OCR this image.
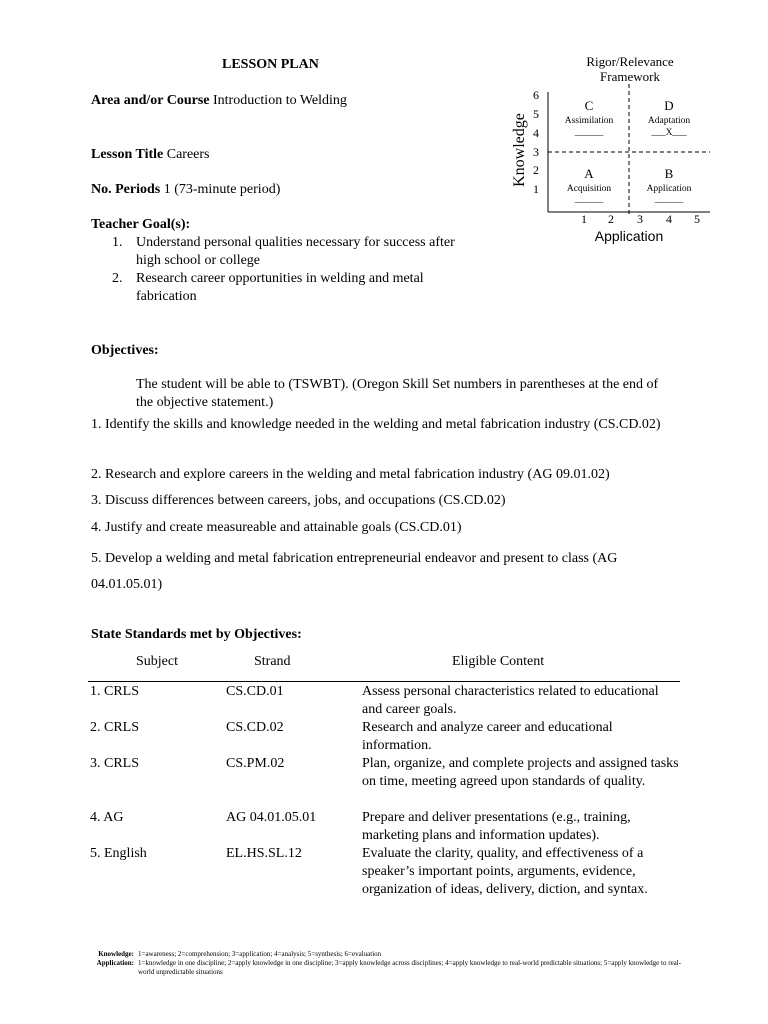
LESSON PLAN
Area and/or Course Introduction to Welding
Lesson Title Careers
No. Periods 1 (73-minute period)
Teacher Goal(s):
1. Understand personal qualities necessary for success after high school or college
2. Research career opportunities in welding and metal fabrication
Objectives:
The student will be able to (TSWBT). (Oregon Skill Set numbers in parentheses at the end of the objective statement.)
1. Identify the skills and knowledge needed in the welding and metal fabrication industry (CS.CD.02)
2. Research and explore careers in the welding and metal fabrication industry (AG 09.01.02)
3. Discuss differences between careers, jobs, and occupations (CS.CD.02)
4. Justify and create measureable and attainable goals (CS.CD.01)
5. Develop a welding and metal fabrication entrepreneurial endeavor and present to class (AG 04.01.05.01)
State Standards met by Objectives:
Subject	Strand	Eligible Content
1. CRLS	CS.CD.01	Assess personal characteristics related to educational and career goals.
2. CRLS	CS.CD.02	Research and analyze career and educational information.
3. CRLS	CS.PM.02	Plan, organize, and complete projects and assigned tasks on time, meeting agreed upon standards of quality.
4. AG	AG 04.01.05.01	Prepare and deliver presentations (e.g., training, marketing plans and information updates).
5. English	EL.HS.SL.12	Evaluate the clarity, quality, and effectiveness of a speaker’s important points, arguments, evidence, organization of ideas, delivery, diction, and syntax.
Knowledge: 1=awareness; 2=comprehension; 3=application; 4=analysis; 5=synthesis; 6=evaluation
Application: 1=knowledge in one discipline; 2=apply knowledge in one discipline; 3=apply knowledge across disciplines; 4=apply knowledge to real-world predictable situations; 5=apply knowledge to real-world unpredictable situations
Rigor/Relevance Framework
Knowledge
Application
1
2
3
4
5
6
1 2 3 4 5
C
Assimilation
______
D
Adaptation
___X___
A
Acquisition
______
B
Application
______
